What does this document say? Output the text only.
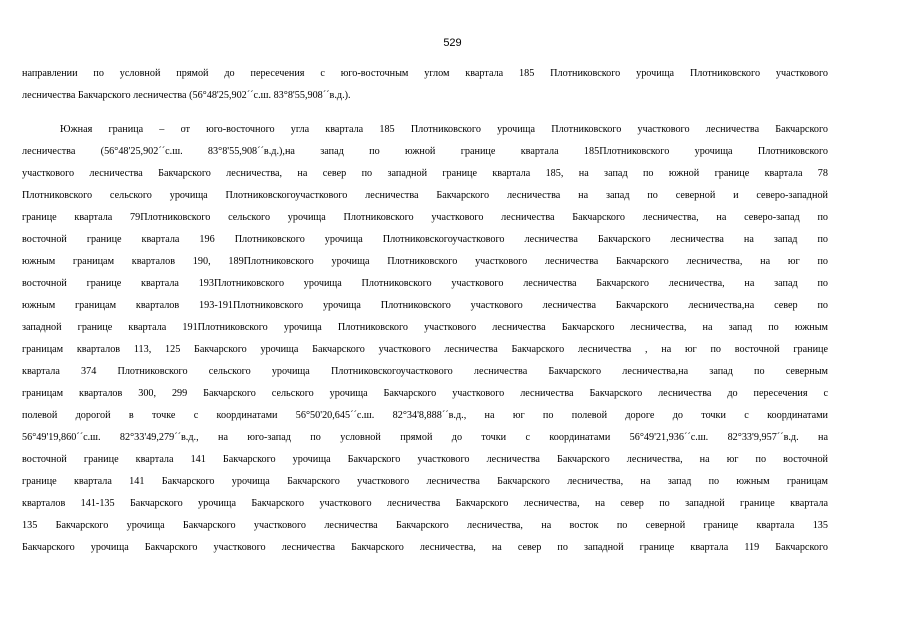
529
направлении по условной прямой до пересечения с юго-восточным углом квартала 185 Плотниковского урочища Плотниковского участкового
лесничества Бакчарского лесничества (56°48'25,902´´с.ш. 83°8'55,908´´в.д.).
Южная граница – от юго-восточного угла квартала 185 Плотниковского урочища Плотниковского участкового лесничества Бакчарского
лесничества (56°48'25,902´´с.ш. 83°8'55,908´´в.д.),на запад по южной границе квартала 185Плотниковского урочища Плотниковского
участкового лесничества Бакчарского лесничества, на север по западной границе квартала 185, на запад по южной границе квартала 78
Плотниковского сельского урочища Плотниковскогоучасткового лесничества Бакчарского лесничества на запад по северной и северо-западной
границе квартала 79Плотниковского сельского урочища Плотниковского участкового лесничества Бакчарского лесничества, на северо-запад по
восточной границе квартала 196 Плотниковского урочища Плотниковскогоучасткового лесничества Бакчарского лесничества на запад по
южным границам кварталов 190, 189Плотниковского урочища Плотниковского участкового лесничества Бакчарского лесничества, на юг по
восточной границе квартала 193Плотниковского урочища Плотниковского участкового лесничества Бакчарского лесничества, на запад по
южным границам кварталов 193-191Плотниковского урочища Плотниковского участкового лесничества Бакчарского лесничества,на север по
западной границе квартала 191Плотниковского урочища Плотниковского участкового лесничества Бакчарского лесничества, на запад по южным
границам кварталов 113, 125 Бакчарского урочища Бакчарского участкового лесничества Бакчарского лесничества , на юг по восточной границе
квартала 374 Плотниковского сельского урочища Плотниковскогоучасткового лесничества Бакчарского лесничества,на запад по северным
границам кварталов 300, 299 Бакчарского сельского урочища Бакчарского участкового лесничества Бакчарского лесничества до пересечения с
полевой дорогой в точке с координатами 56°50'20,645´´с.ш. 82°34'8,888´´в.д., на юг по полевой дороге до точки с координатами
56°49'19,860´´с.ш. 82°33'49,279´´в.д., на юго-запад по условной прямой до точки с координатами 56°49'21,936´´с.ш. 82°33'9,957´´в.д. на
восточной границе квартала 141 Бакчарского урочища Бакчарского участкового лесничества Бакчарского лесничества, на юг по восточной
границе квартала 141 Бакчарского урочища Бакчарского участкового лесничества Бакчарского лесничества, на запад по южным границам
кварталов 141-135 Бакчарского урочища Бакчарского участкового лесничества Бакчарского лесничества, на север по западной границе квартала
135 Бакчарского урочища Бакчарского участкового лесничества Бакчарского лесничества, на восток по северной границе квартала 135
Бакчарского урочища Бакчарского участкового лесничества Бакчарского лесничества, на север по западной границе квартала 119 Бакчарского
